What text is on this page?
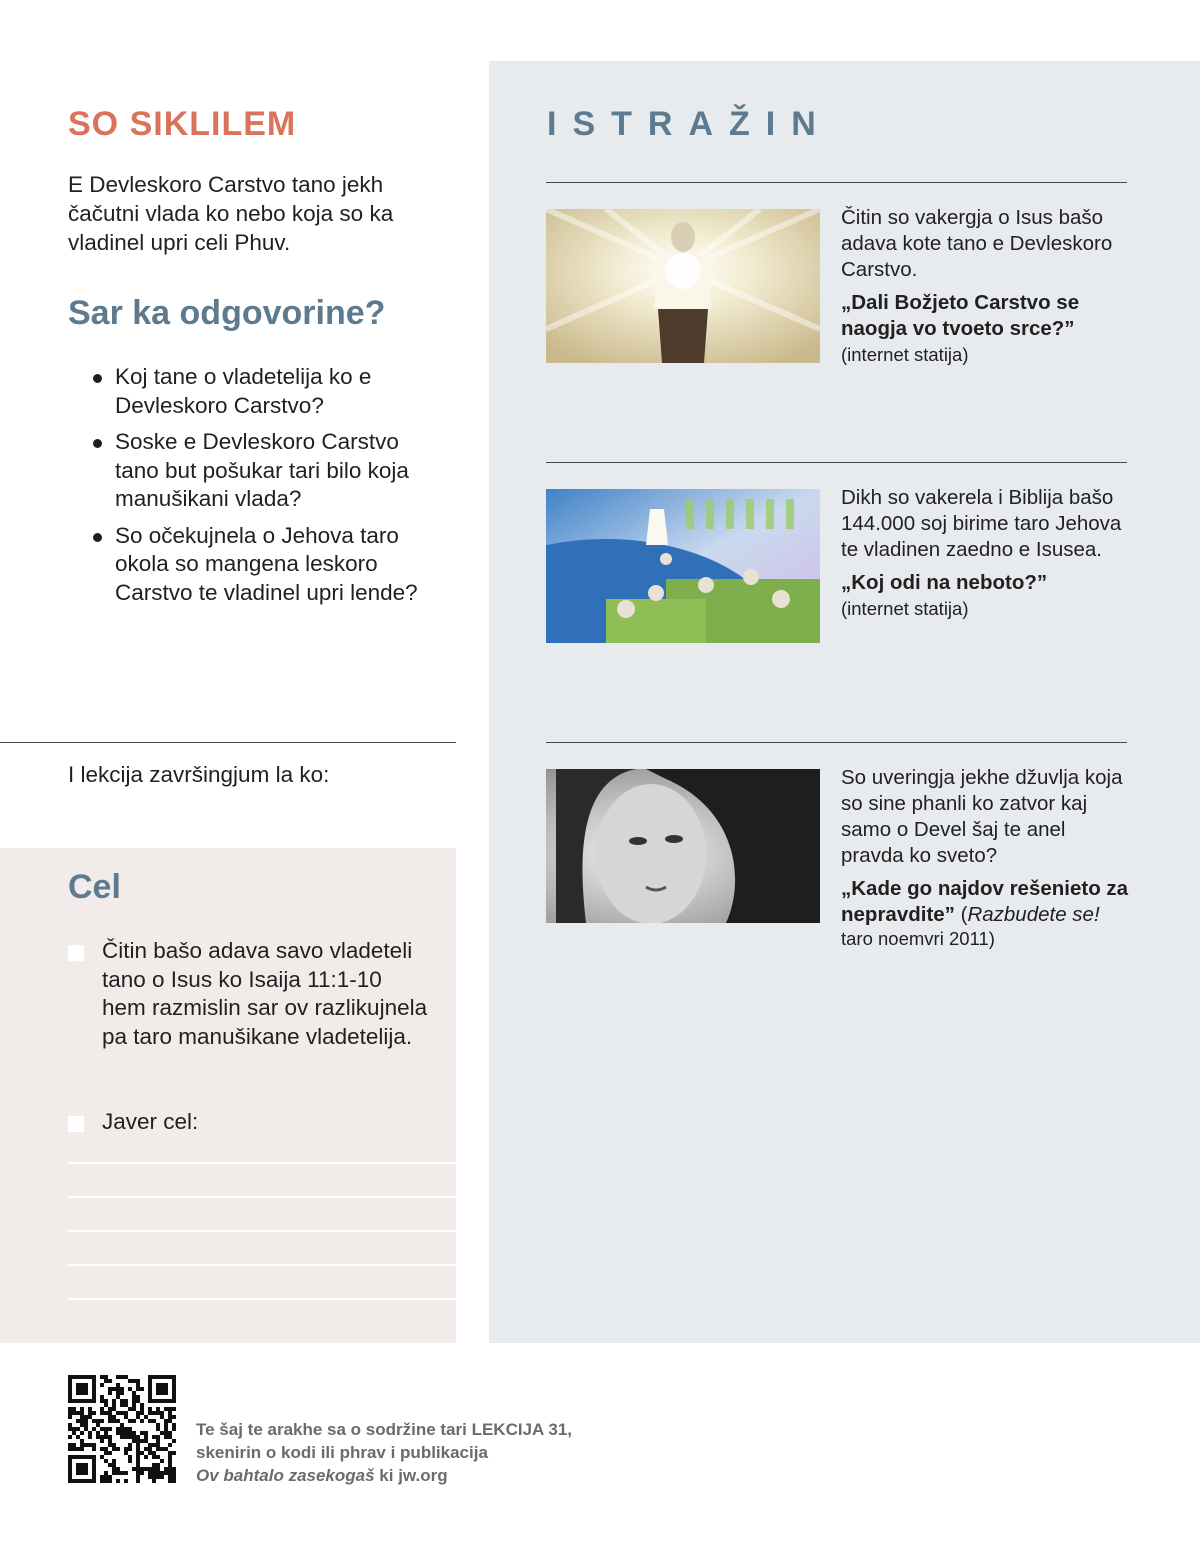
SO SIKLILEM

E Devleskoro Carstvo tano jekh čačutni vlada ko nebo koja so ka vladinel upri celi Phuv.

Sar ka odgovorine?
Koj tane o vladetelija ko e Devleskoro Carstvo?
Soske e Devleskoro Carstvo tano but pošukar tari bilo koja manušikani vlada?
So očekujnela o Jehova taro okola so mangena leskoro Carstvo te vladinel upri lende?

I lekcija završingjum la ko:

Cel
Čitin bašo adava savo vladeteli tano o Isus ko Isaija 11:1-10 hem razmislin sar ov razlikujnela pa taro manušikane vladetelija.
Javer cel:
ISTRAŽIN

Čitin so vakergja o Isus bašo adava kote tano e Devleskoro Carstvo.

„Dali Božjeto Carstvo se naogja vo tvoeto srce?”

(internet statija)

Dikh so vakerela i Biblija bašo 144.000 soj birime taro Jehova te vladinen zaedno e Isusea.

„Koj odi na neboto?”

(internet statija)

So uveringja jekhe džuvlja koja so sine phanli ko zatvor kaj samo o Devel šaj te anel pravda ko sveto?

„Kade go najdov rešenieto za nepravdite” (Razbudete se!

taro noemvri 2011)

Te šaj te arakhe sa o sodržine tari LEKCIJA 31,
skenirin o kodi ili phrav i publikacija
Ov bahtalo zasekogaš ki jw.org
